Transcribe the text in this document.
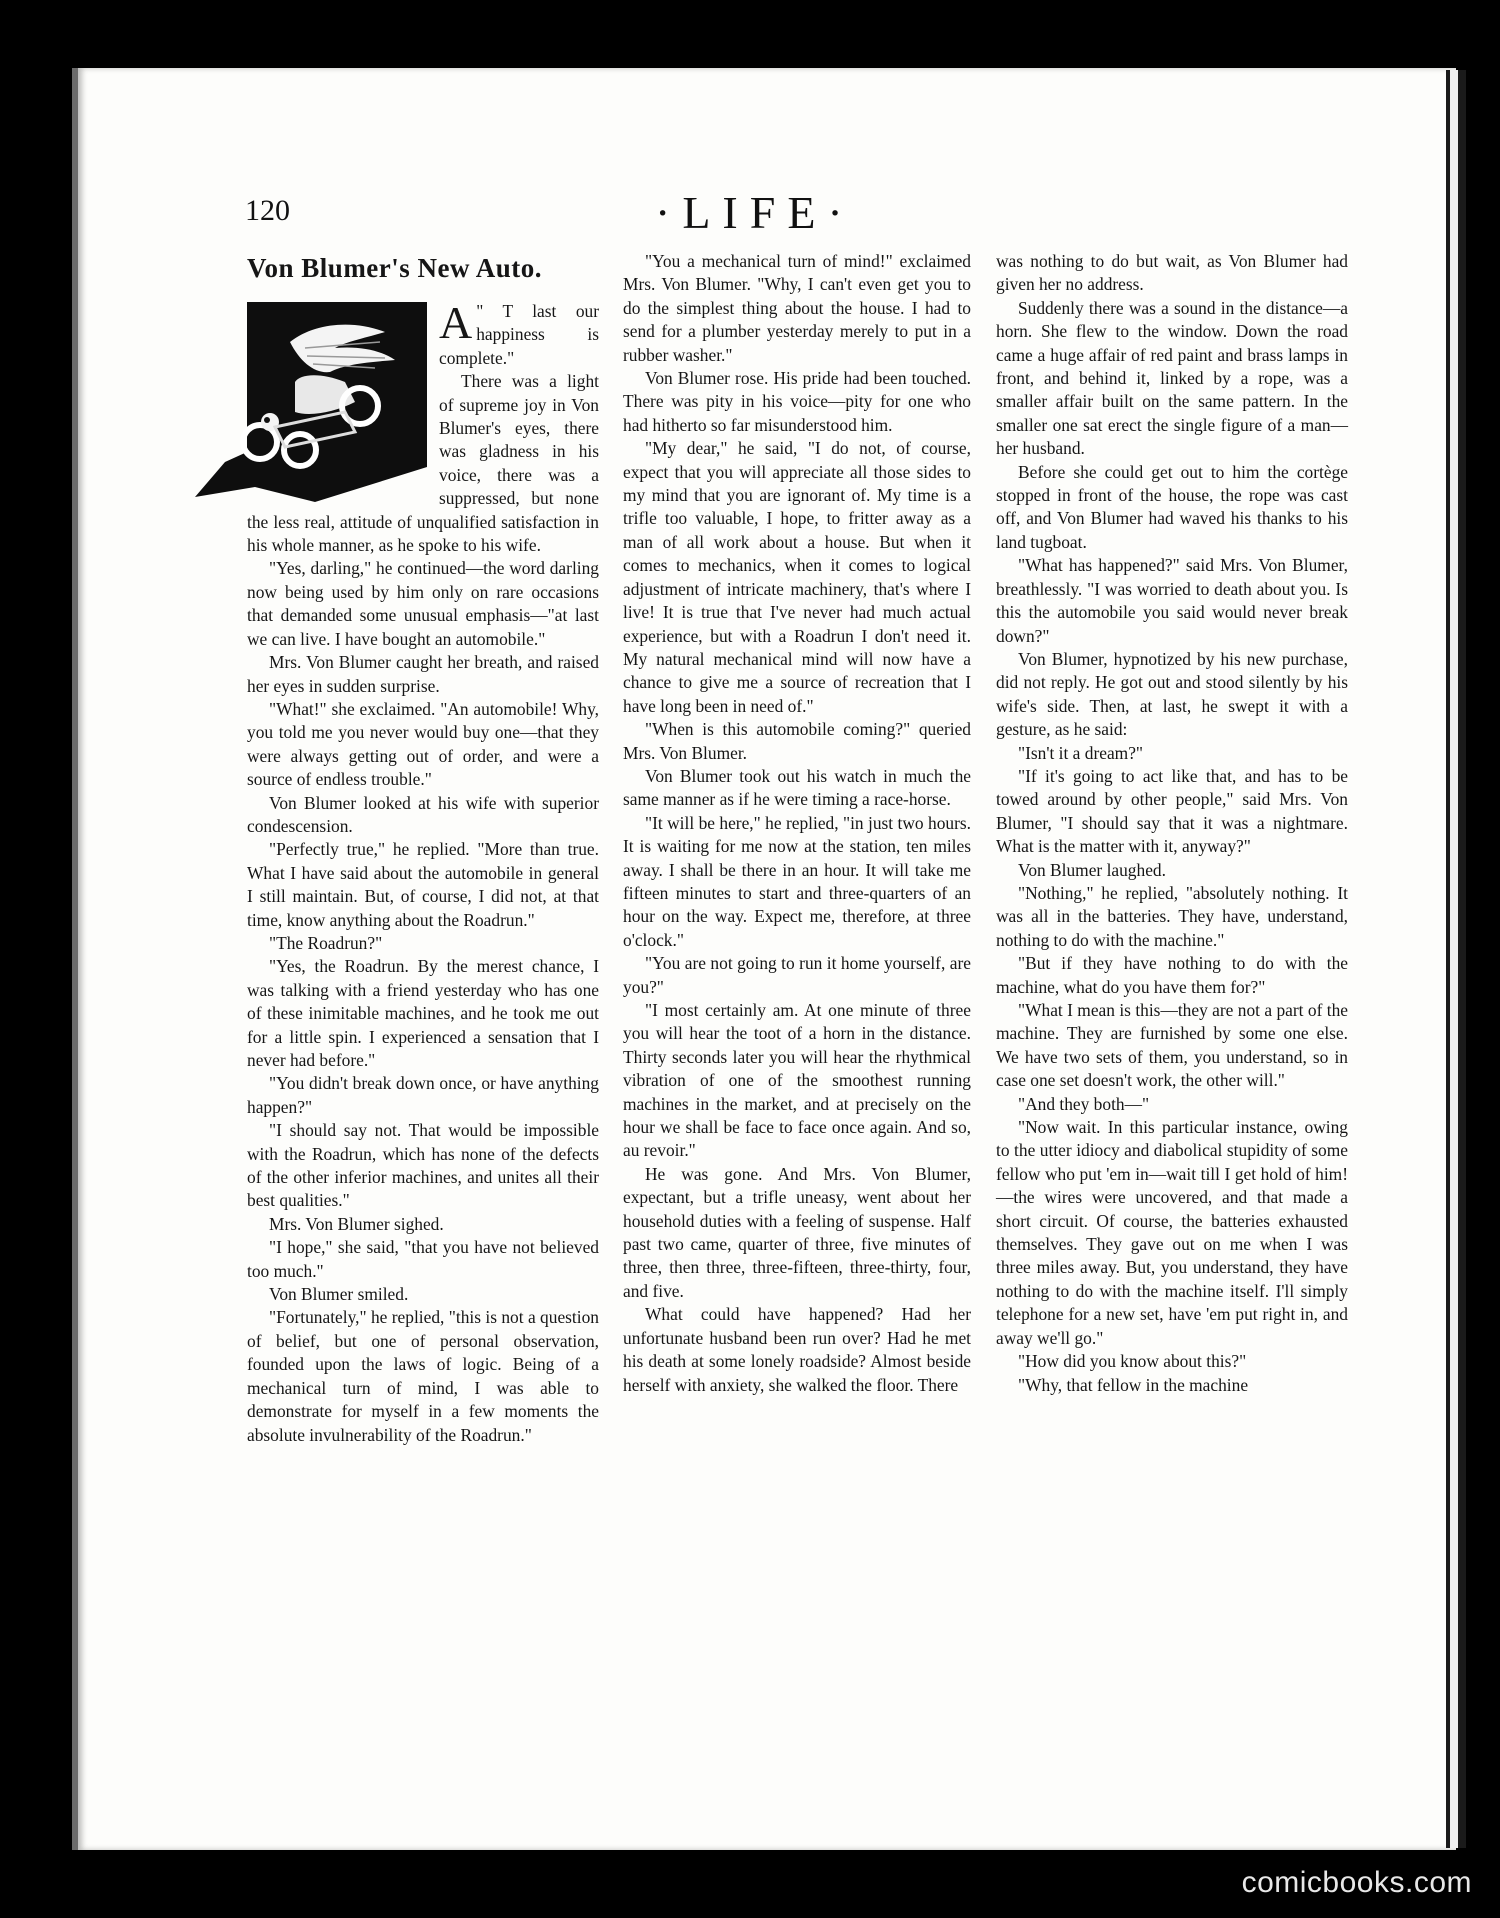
120	·LIFE·
Von Blumer's New Auto.
A " T last our happiness is complete."

There was a light of supreme joy in Von Blumer's eyes, there was gladness in his voice, there was a suppressed, but none the less real, attitude of unqualified satisfaction in his whole manner, as he spoke to his wife.

"Yes, darling," he continued—the word darling now being used by him only on rare occasions that demanded some unusual emphasis—"at last we can live. I have bought an automobile."

Mrs. Von Blumer caught her breath, and raised her eyes in sudden surprise.

"What!" she exclaimed. "An automobile! Why, you told me you never would buy one—that they were always getting out of order, and were a source of endless trouble."

Von Blumer looked at his wife with superior condescension.

"Perfectly true," he replied. "More than true. What I have said about the automobile in general I still maintain. But, of course, I did not, at that time, know anything about the Roadrun."

"The Roadrun?"

"Yes, the Roadrun. By the merest chance, I was talking with a friend yesterday who has one of these inimitable machines, and he took me out for a little spin. I experienced a sensation that I never had before."

"You didn't break down once, or have anything happen?"

"I should say not. That would be impossible with the Roadrun, which has none of the defects of the other inferior machines, and unites all their best qualities."

Mrs. Von Blumer sighed.

"I hope," she said, "that you have not believed too much."

Von Blumer smiled.

"Fortunately," he replied, "this is not a question of belief, but one of personal observation, founded upon the laws of logic. Being of a mechanical turn of mind, I was able to demonstrate for myself in a few moments the absolute invulnerability of the Roadrun."

"You a mechanical turn of mind!" exclaimed Mrs. Von Blumer. "Why, I can't even get you to do the simplest thing about the house. I had to send for a plumber yesterday merely to put in a rubber washer."

Von Blumer rose. His pride had been touched. There was pity in his voice—pity for one who had hitherto so far misunderstood him.

"My dear," he said, "I do not, of course, expect that you will appreciate all those sides to my mind that you are ignorant of. My time is a trifle too valuable, I hope, to fritter away as a man of all work about a house. But when it comes to mechanics, when it comes to logical adjustment of intricate machinery, that's where I live! It is true that I've never had much actual experience, but with a Roadrun I don't need it. My natural mechanical mind will now have a chance to give me a source of recreation that I have long been in need of."

"When is this automobile coming?" queried Mrs. Von Blumer.

Von Blumer took out his watch in much the same manner as if he were timing a race-horse.

"It will be here," he replied, "in just two hours. It is waiting for me now at the station, ten miles away. I shall be there in an hour. It will take me fifteen minutes to start and three-quarters of an hour on the way. Expect me, therefore, at three o'clock."

"You are not going to run it home yourself, are you?"

"I most certainly am. At one minute of three you will hear the toot of a horn in the distance. Thirty seconds later you will hear the rhythmical vibration of one of the smoothest running machines in the market, and at precisely on the hour we shall be face to face once again. And so, au revoir."

He was gone. And Mrs. Von Blumer, expectant, but a trifle uneasy, went about her household duties with a feeling of suspense. Half past two came, quarter of three, five minutes of three, then three, three-fifteen, three-thirty, four, and five.

What could have happened? Had her unfortunate husband been run over? Had he met his death at some lonely roadside? Almost beside herself with anxiety, she walked the floor. There

was nothing to do but wait, as Von Blumer had given her no address.

Suddenly there was a sound in the distance—a horn. She flew to the window. Down the road came a huge affair of red paint and brass lamps in front, and behind it, linked by a rope, was a smaller affair built on the same pattern. In the smaller one sat erect the single figure of a man—her husband.

Before she could get out to him the cortège stopped in front of the house, the rope was cast off, and Von Blumer had waved his thanks to his land tugboat.

"What has happened?" said Mrs. Von Blumer, breathlessly. "I was worried to death about you. Is this the automobile you said would never break down?"

Von Blumer, hypnotized by his new purchase, did not reply. He got out and stood silently by his wife's side. Then, at last, he swept it with a gesture, as he said:

"Isn't it a dream?"

"If it's going to act like that, and has to be towed around by other people," said Mrs. Von Blumer, "I should say that it was a nightmare. What is the matter with it, anyway?"

Von Blumer laughed.

"Nothing," he replied, "absolutely nothing. It was all in the batteries. They have, understand, nothing to do with the machine."

"But if they have nothing to do with the machine, what do you have them for?"

"What I mean is this—they are not a part of the machine. They are furnished by some one else. We have two sets of them, you understand, so in case one set doesn't work, the other will."

"And they both—"

"Now wait. In this particular instance, owing to the utter idiocy and diabolical stupidity of some fellow who put 'em in—wait till I get hold of him!—the wires were uncovered, and that made a short circuit. Of course, the batteries exhausted themselves. They gave out on me when I was three miles away. But, you understand, they have nothing to do with the machine itself. I'll simply telephone for a new set, have 'em put right in, and away we'll go."

"How did you know about this?"

"Why, that fellow in the machine

comicbooks.com
